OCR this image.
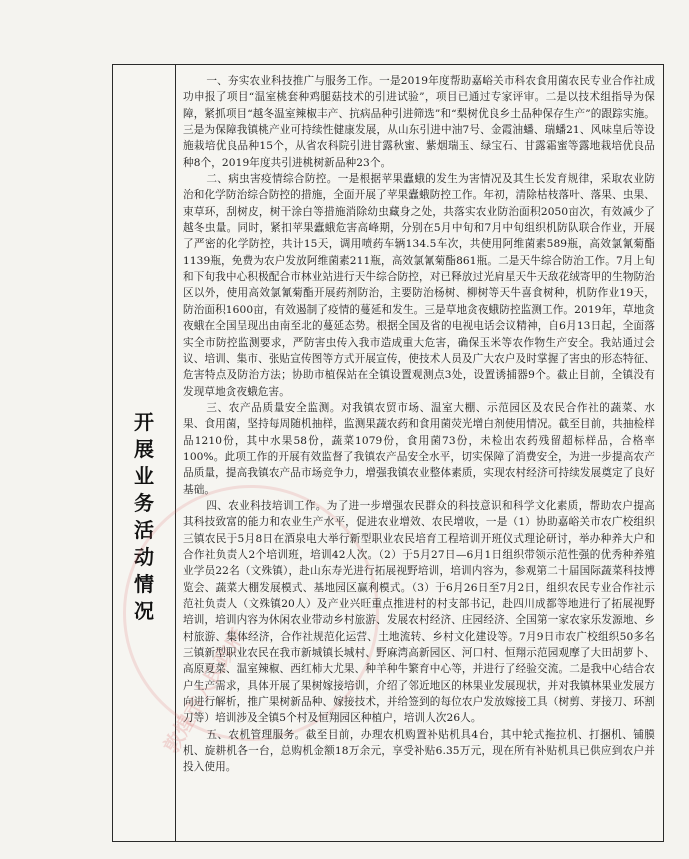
开
展
业
务
活
动
情
况
敦煌市人民政府

一、夯实农业科技推广与服务工作。一是2019年度帮助嘉峪关市科农食用菌农民专业合作社成功申报了项目“温室桃套种鸡腿菇技术的引进试验”，项目已通过专家评审。二是以技术组指导为保障，紧抓项目“越冬温室辣椒丰产、抗病品种引进筛选”和“梨树优良乡土品种保存生产”的跟踪实施。三是为保障我镇桃产业可持续性健康发展，从山东引进中油7号、金霞油蟠、瑞蟠21、风味皇后等设施栽培优良品种15个，从省农科院引进甘露秋蜜、紫烟瑞玉、绿宝石、甘露霜蜜等露地栽培优良品种8个，2019年度共引进桃树新品种23个。

二、病虫害疫情综合防控。一是根据苹果蠹蛾的发生为害情况及其生长发育规律，采取农业防治和化学防治综合防控的措施，全面开展了苹果蠹蛾防控工作。年初，清除枯枝落叶、落果、虫果、束草环，刮树皮，树干涂白等措施消除幼虫藏身之处，共落实农业防治面积2050亩次，有效减少了越冬虫量。同时，紧扣苹果蠹蛾危害高峰期，分别在5月中旬和7月中旬组织机防队联合作业，开展了严密的化学防控，共计15天，调用喷药车辆134.5车次，共使用阿维菌素589瓶，高效氯氰菊酯1139瓶，免费为农户发放阿维菌素211瓶，高效氯氰菊酯861瓶。二是天牛综合防治工作。7月上旬和下旬我中心积极配合市林业站进行天牛综合防控，对已释放过光肩星天牛天敌花绒寄甲的生物防治区以外，使用高效氯氰菊酯开展药剂防治，主要防治杨树、柳树等天牛喜食树种，机防作业19天，防治面积1600亩，有效遏制了疫情的蔓延和发生。三是草地贪夜蛾防控监测工作。2019年，草地贪夜蛾在全国呈现出由南至北的蔓延态势。根据全国及省的电视电话会议精神，自6月13日起，全面落实全市防控监测要求，严防害虫传入我市造成重大危害，确保玉米等农作物生产安全。我站通过会议、培训、集市、张贴宣传图等方式开展宣传，使技术人员及广大农户及时掌握了害虫的形态特征、危害特点及防治方法；协助市植保站在全镇设置观测点3处，设置诱捕器9个。截止目前，全镇没有发现草地贪夜蛾危害。

三、农产品质量安全监测。对我镇农贸市场、温室大棚、示范园区及农民合作社的蔬菜、水果、食用菌，坚持每周随机抽样，监测果蔬农药和食用菌荧光增白剂使用情况。截至目前，共抽检样品1210份，其中水果58份，蔬菜1079份，食用菌73份，未检出农药残留超标样品，合格率100%。此项工作的开展有效监督了我镇农产品安全水平，切实保障了消费安全，为进一步提高农产品质量，提高我镇农产品市场竞争力，增强我镇农业整体素质，实现农村经济可持续发展奠定了良好基础。

四、农业科技培训工作。为了进一步增强农民群众的科技意识和科学文化素质，帮助农户提高其科技致富的能力和农业生产水平，促进农业增效、农民增收，一是（1）协助嘉峪关市农广校组织三镇农民于5月8日在酒泉电大举行新型职业农民培育工程培训开班仪式理论研讨，举办种养大户和合作社负责人2个培训班，培训42人次。（2）于5月27日—6月1日组织带领示范性强的优秀种养殖业学员22名（文殊镇），赴山东寿光进行拓展视野培训，培训内容为，参观第二十届国际蔬菜科技博览会、蔬菜大棚发展模式、基地园区赢利模式。（3）于6月26日至7月2日，组织农民专业合作社示范社负责人（文殊镇20人）及产业兴旺重点推进村的村支部书记，赴四川成都等地进行了拓展视野培训，培训内容为休闲农业带动乡村旅游、发展农村经济、庄园经济、全国第一家农家乐发源地、乡村旅游、集体经济，合作社规范化运营、土地流转、乡村文化建设等。7月9日市农广校组织50多名三镇新型职业农民在我市新城镇长城村、野麻湾高新园区、河口村、恒翔示范园观摩了大田胡萝卜、高原夏菜、温室辣椒、西红柿大尤果、种羊种牛繁育中心等，并进行了经验交流。二是我中心结合农户生产需求，具体开展了果树嫁接培训，介绍了邻近地区的林果业发展现状，并对我镇林果业发展方向进行解析，推广果树新品种、嫁接技术，并给签到的每位农户发放嫁接工具（树剪、芽接刀、环割刀等）培训涉及全镇5个村及恒翔园区种植户，培训人次26人。

五、农机管理服务。截至目前，办理农机购置补贴机具4台，其中轮式拖拉机、打捆机、铺膜机、旋耕机各一台，总购机金额18万余元，享受补贴6.35万元，现在所有补贴机具已供应到农户并投入使用。
